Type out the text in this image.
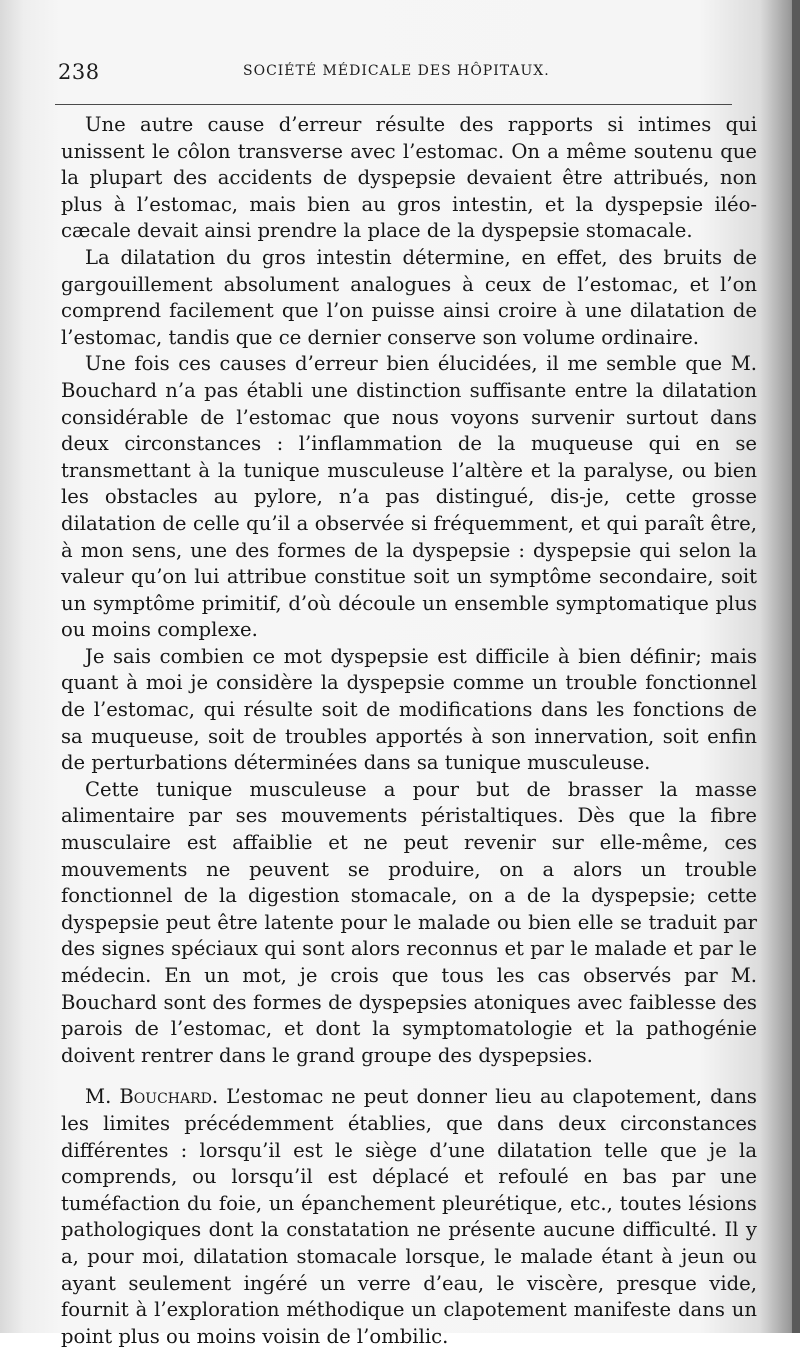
238	SOCIÉTÉ MÉDICALE DES HÔPITAUX.

Une autre cause d’erreur résulte des rapports si intimes qui unissent le côlon transverse avec l’estomac. On a même soutenu que la plupart des accidents de dyspepsie devaient être attribués, non plus à l’estomac, mais bien au gros intestin, et la dyspepsie iléo-cæcale devait ainsi prendre la place de la dyspepsie stomacale.

La dilatation du gros intestin détermine, en effet, des bruits de gargouillement absolument analogues à ceux de l’estomac, et l’on comprend facilement que l’on puisse ainsi croire à une dilatation de l’estomac, tandis que ce dernier conserve son volume ordinaire.

Une fois ces causes d’erreur bien élucidées, il me semble que M. Bouchard n’a pas établi une distinction suffisante entre la dilatation considérable de l’estomac que nous voyons survenir surtout dans deux circonstances : l’inflammation de la muqueuse qui en se transmettant à la tunique musculeuse l’altère et la paralyse, ou bien les obstacles au pylore, n’a pas distingué, dis-je, cette grosse dilatation de celle qu’il a observée si fréquemment, et qui paraît être, à mon sens, une des formes de la dyspepsie : dyspepsie qui selon la valeur qu’on lui attribue constitue soit un symptôme secondaire, soit un symptôme primitif, d’où découle un ensemble symptomatique plus ou moins complexe.

Je sais combien ce mot dyspepsie est difficile à bien définir; mais quant à moi je considère la dyspepsie comme un trouble fonctionnel de l’estomac, qui résulte soit de modifications dans les fonctions de sa muqueuse, soit de troubles apportés à son innervation, soit enfin de perturbations déterminées dans sa tunique musculeuse.

Cette tunique musculeuse a pour but de brasser la masse alimentaire par ses mouvements péristaltiques. Dès que la fibre musculaire est affaiblie et ne peut revenir sur elle-même, ces mouvements ne peuvent se produire, on a alors un trouble fonctionnel de la digestion stomacale, on a de la dyspepsie; cette dyspepsie peut être latente pour le malade ou bien elle se traduit par des signes spéciaux qui sont alors reconnus et par le malade et par le médecin. En un mot, je crois que tous les cas observés par M. Bouchard sont des formes de dyspepsies atoniques avec faiblesse des parois de l’estomac, et dont la symptomatologie et la pathogénie doivent rentrer dans le grand groupe des dyspepsies.

M. Bouchard. L’estomac ne peut donner lieu au clapotement, dans les limites précédemment établies, que dans deux circonstances différentes : lorsqu’il est le siège d’une dilatation telle que je la comprends, ou lorsqu’il est déplacé et refoulé en bas par une tuméfaction du foie, un épanchement pleurétique, etc., toutes lésions pathologiques dont la constatation ne présente aucune difficulté. Il y a, pour moi, dilatation stomacale lorsque, le malade étant à jeun ou ayant seulement ingéré un verre d’eau, le viscère, presque vide, fournit à l’exploration méthodique un clapotement manifeste dans un point plus ou moins voisin de l’ombilic.
